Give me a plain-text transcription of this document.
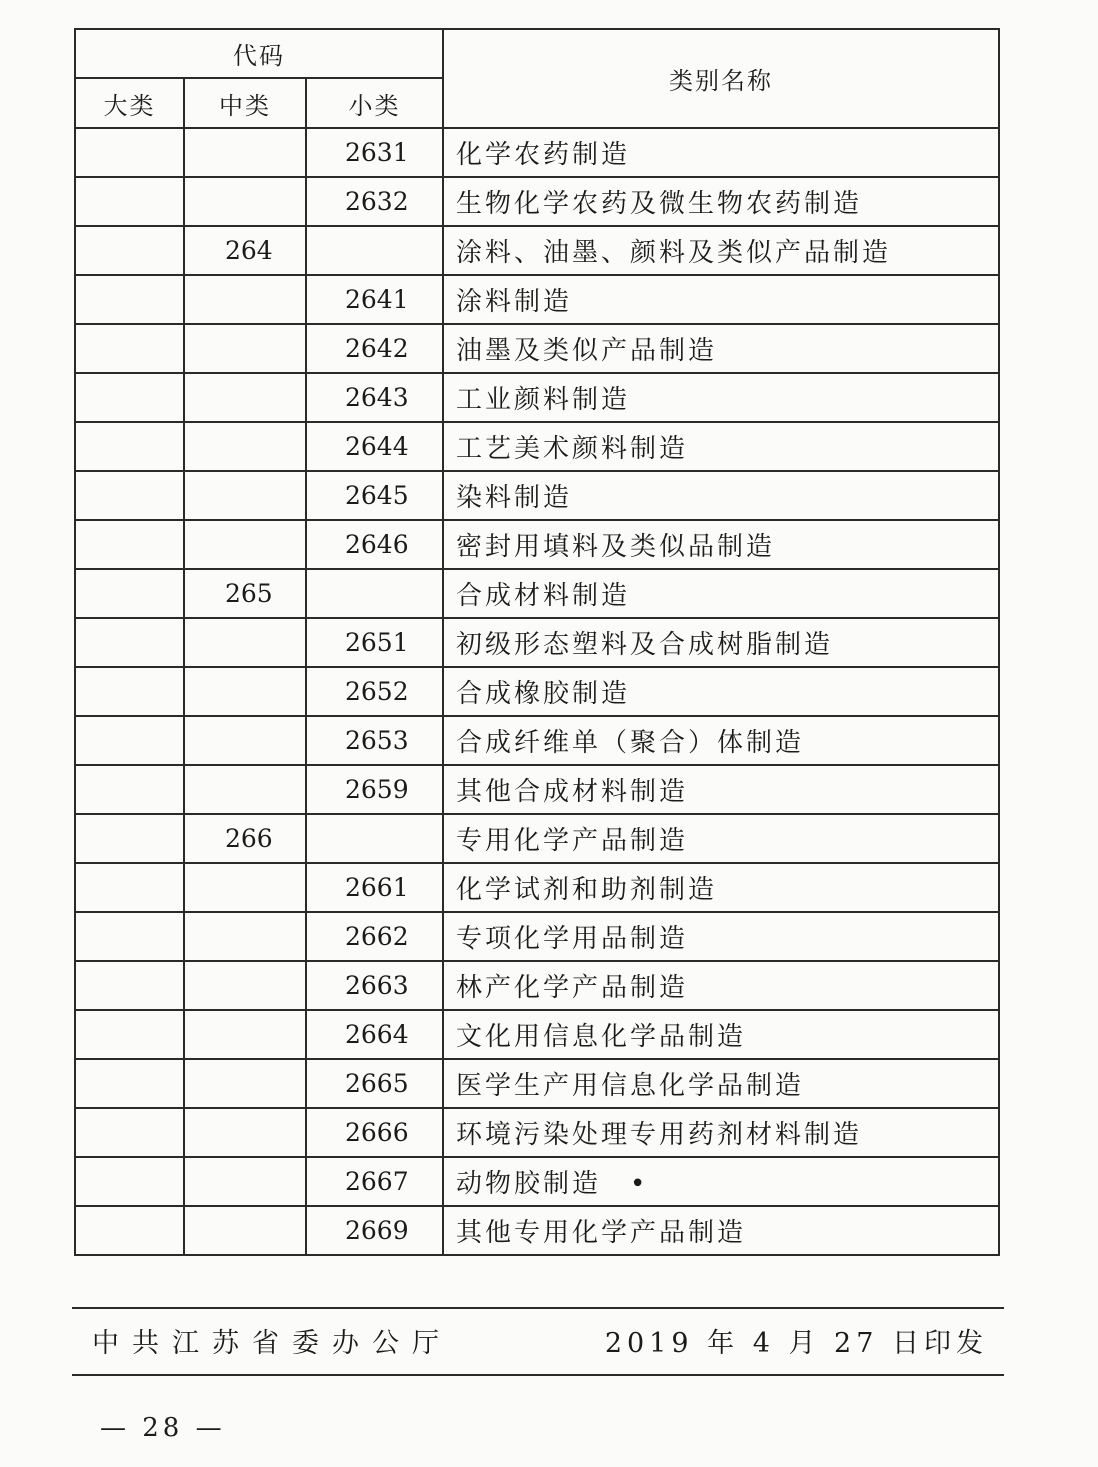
代码			类别名称
大类	中类	小类	
		2631	化学农药制造
		2632	生物化学农药及微生物农药制造
	264		涂料、油墨、颜料及类似产品制造
		2641	涂料制造
		2642	油墨及类似产品制造
		2643	工业颜料制造
		2644	工艺美术颜料制造
		2645	染料制造
		2646	密封用填料及类似品制造
	265		合成材料制造
		2651	初级形态塑料及合成树脂制造
		2652	合成橡胶制造
		2653	合成纤维单（聚合）体制造
		2659	其他合成材料制造
	266		专用化学产品制造
		2661	化学试剂和助剂制造
		2662	专项化学用品制造
		2663	林产化学产品制造
		2664	文化用信息化学品制造
		2665	医学生产用信息化学品制造
		2666	环境污染处理专用药剂材料制造
		2667	动物胶制造　•
		2669	其他专用化学产品制造
中共江苏省委办公厅	2019 年 4 月 27 日印发
— 28 —
